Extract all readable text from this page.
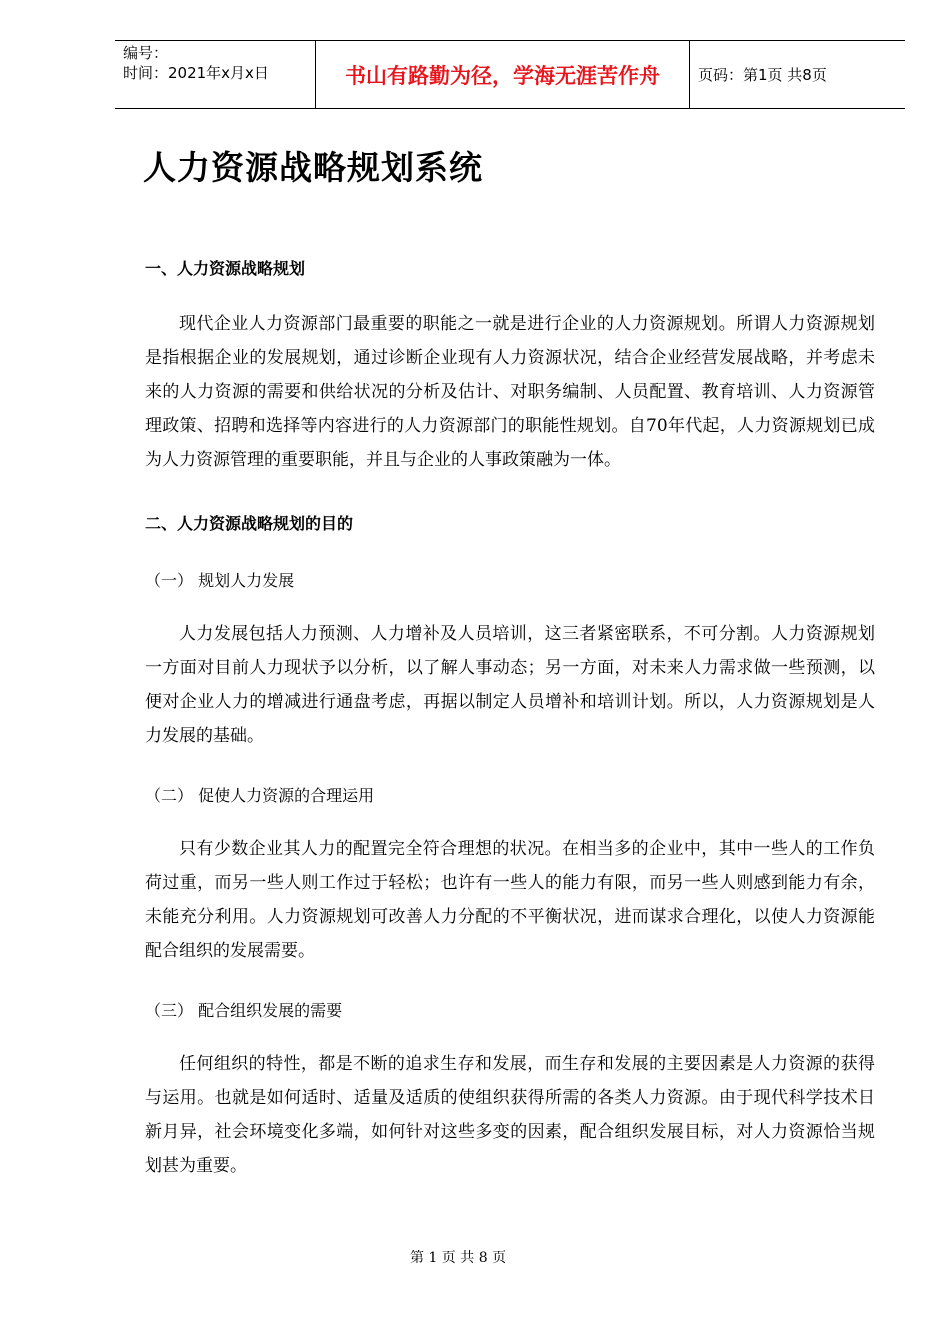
编号：
时间：2021年x月x日	书山有路勤为径，学海无涯苦作舟	页码：第1页 共8页
人力资源战略规划系统

一、人力资源战略规划

现代企业人力资源部门最重要的职能之一就是进行企业的人力资源规划。所谓人力资源规划是指根据企业的发展规划，通过诊断企业现有人力资源状况，结合企业经营发展战略，并考虑未来的人力资源的需要和供给状况的分析及估计、对职务编制、人员配置、教育培训、人力资源管理政策、招聘和选择等内容进行的人力资源部门的职能性规划。自70年代起，人力资源规划已成为人力资源管理的重要职能，并且与企业的人事政策融为一体。

二、人力资源战略规划的目的

（一） 规划人力发展

人力发展包括人力预测、人力增补及人员培训，这三者紧密联系，不可分割。人力资源规划一方面对目前人力现状予以分析，以了解人事动态；另一方面，对未来人力需求做一些预测，以便对企业人力的增减进行通盘考虑，再据以制定人员增补和培训计划。所以，人力资源规划是人力发展的基础。

（二） 促使人力资源的合理运用

只有少数企业其人力的配置完全符合理想的状况。在相当多的企业中，其中一些人的工作负荷过重，而另一些人则工作过于轻松；也许有一些人的能力有限，而另一些人则感到能力有余，未能充分利用。人力资源规划可改善人力分配的不平衡状况，进而谋求合理化，以使人力资源能配合组织的发展需要。

（三） 配合组织发展的需要

任何组织的特性，都是不断的追求生存和发展，而生存和发展的主要因素是人力资源的获得与运用。也就是如何适时、适量及适质的使组织获得所需的各类人力资源。由于现代科学技术日新月异，社会环境变化多端，如何针对这些多变的因素，配合组织发展目标，对人力资源恰当规划甚为重要。

第 1 页 共 8 页
